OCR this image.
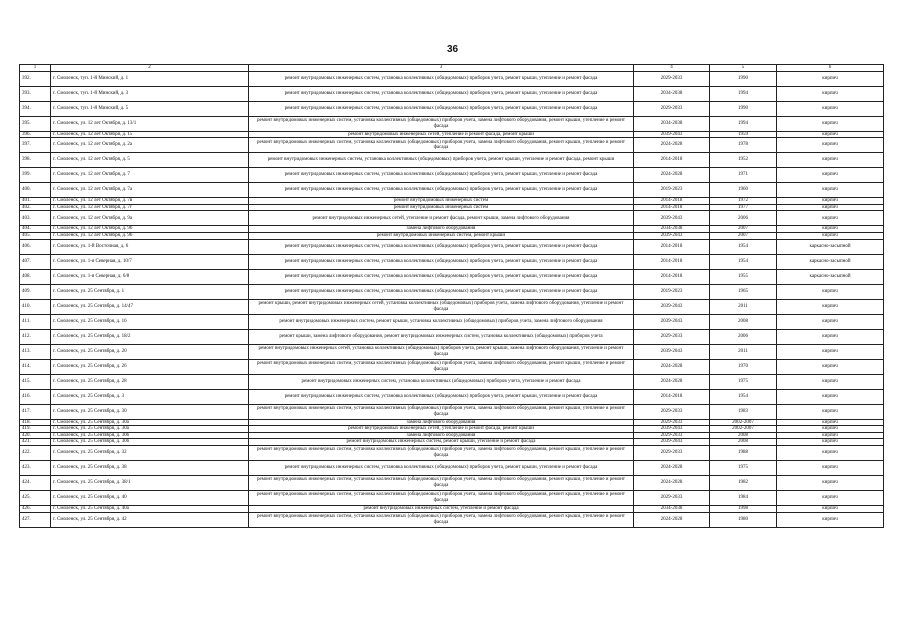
36
1	2	3	4	5	6
392.	г. Смоленск, туп. 1-й Минский, д. 1	ремонт внутридомовых инженерных систем, установка коллективных (общедомовых) приборов учета, ремонт крыши, утепление и ремонт фасада	2029-2033	1990	кирпич
393.	г. Смоленск, туп. 1-й Минский, д. 3	ремонт внутридомовых инженерных систем, установка коллективных (общедомовых) приборов учета, ремонт крыши, утепление и ремонт фасада	2034-2038	1994	кирпич
394.	г. Смоленск, туп. 1-й Минский, д. 5	ремонт внутридомовых инженерных систем, установка коллективных (общедомовых) приборов учета, ремонт крыши, утепление и ремонт фасада	2029-2033	1990	кирпич
395.	г. Смоленск, ул. 12 лет Октября, д. 13/1	ремонт внутридомовых инженерных систем, установка коллективных (общедомовых) приборов учета, замена лифтового оборудования, ремонт крыши, утепление и ремонт фасада	2034-2038	1994	кирпич
396.	г. Смоленск, ул. 12 лет Октября, д. 15	ремонт внутридомовых инженерных сетей, утепление и ремонт фасада, ремонт крыши	2039-2043	1959	кирпич
397.	г. Смоленск, ул. 12 лет Октября, д. 2а	ремонт внутридомовых инженерных систем, установка коллективных (общедомовых) приборов учета, замена лифтового оборудования, ремонт крыши, утепление и ремонт фасада	2024-2028	1978	кирпич
398.	г. Смоленск, ул. 12 лет Октября, д. 5	ремонт внутридомовых инженерных систем, установка коллективных (общедомовых) приборов учета, ремонт крыши, утепление и ремонт фасада, ремонт крыши	2014-2018	1952	кирпич
399.	г. Смоленск, ул. 12 лет Октября, д. 7	ремонт внутридомовых инженерных систем, установка коллективных (общедомовых) приборов учета, ремонт крыши, утепление и ремонт фасада	2024-2028	1971	кирпич
400.	г. Смоленск, ул. 12 лет Октября, д. 7а	ремонт внутридомовых инженерных систем, установка коллективных (общедомовых) приборов учета, ремонт крыши, утепление и ремонт фасада	2019-2023	1960	кирпич
401.	г. Смоленск, ул. 12 лет Октября, д. 7в	ремонт внутридомовых инженерных систем	2014-2018	1972	кирпич
402.	г. Смоленск, ул. 12 лет Октября, д. 7г	ремонт внутридомовых инженерных систем	2014-2018	1977	кирпич
403.	г. Смоленск, ул. 12 лет Октября, д. 9а	ремонт внутридомовых инженерных сетей, утепление и ремонт фасада, ремонт крыши, замена лифтового оборудования	2039-2043	2006	кирпич
404.	г. Смоленск, ул. 12 лет Октября, д. 9б	замена лифтового оборудования	2034-2038	2007	кирпич
405.	г. Смоленск, ул. 12 лет Октября, д. 9б	ремонт внутридомовых инженерных систем, ремонт крыши	2039-2043	2007	кирпич
406.	г. Смоленск, ул. 1-й Восточная, д. 6	ремонт внутридомовых инженерных систем, установка коллективных (общедомовых) приборов учета, ремонт крыши, утепление и ремонт фасада	2014-2018	1954	каркасно-засыпной
407.	г. Смоленск, ул. 1-я Северная, д. 10/7	ремонт внутридомовых инженерных систем, установка коллективных (общедомовых) приборов учета, ремонт крыши, утепление и ремонт фасада	2014-2018	1954	каркасно-засыпной
408.	г. Смоленск, ул. 1-я Северная, д. 6/8	ремонт внутридомовых инженерных систем, установка коллективных (общедомовых) приборов учета, ремонт крыши, утепление и ремонт фасада	2014-2018	1955	каркасно-засыпной
409.	г. Смоленск, ул. 25 Сентября, д. 1	ремонт внутридомовых инженерных систем, установка коллективных (общедомовых) приборов учета, ремонт крыши, утепление и ремонт фасада	2019-2023	1965	кирпич
410.	г. Смоленск, ул. 25 Сентября, д. 14/47	ремонт крыши, ремонт внутридомовых инженерных сетей, установка коллективных (общедомовых) приборов учета, замена лифтового оборудования, утепление и ремонт фасада	2039-2043	2011	кирпич
411.	г. Смоленск, ул. 25 Сентября, д. 16	ремонт внутридомовых инженерных систем, ремонт крыши, установка коллективных (общедомовых) приборов учета, замена лифтового оборудования	2039-2043	2008	кирпич
412.	г. Смоленск, ул. 25 Сентября, д. 18/2	ремонт крыши, замена лифтового оборудования, ремонт внутридомовых инженерных систем, установка коллективных (общедомовых) приборов учета	2029-2033	2006	кирпич
413.	г. Смоленск, ул. 25 Сентября, д. 20	ремонт внутридомовых инженерных сетей, установка коллективных (общедомовых) приборов учета, ремонт крыши, замена лифтового оборудования, утепление и ремонт фасада	2039-2043	2011	кирпич
414.	г. Смоленск, ул. 25 Сентября, д. 26	ремонт внутридомовых инженерных систем, установка коллективных (общедомовых) приборов учета, замена лифтового оборудования, ремонт крыши, утепление и ремонт фасада	2024-2028	1970	кирпич
415.	г. Смоленск, ул. 25 Сентября, д. 28	ремонт внутридомовых инженерных систем, установка коллективных (общедомовых) приборов учета, утепление и ремонт фасада	2024-2028	1975	кирпич
416.	г. Смоленск, ул. 25 Сентября, д. 3	ремонт внутридомовых инженерных систем, установка коллективных (общедомовых) приборов учета, ремонт крыши, утепление и ремонт фасада	2014-2018	1954	кирпич
417.	г. Смоленск, ул. 25 Сентября, д. 30	ремонт внутридомовых инженерных систем, установка коллективных (общедомовых) приборов учета, замена лифтового оборудования, ремонт крыши, утепление и ремонт фасада	2029-2033	1983	кирпич
418.	г. Смоленск, ул. 25 Сентября, д. 30а	замена лифтового оборудования	2029-2033	2002-2007	кирпич
419.	г. Смоленск, ул. 25 Сентября, д. 30а	ремонт внутридомовых инженерных сетей, утепление и ремонт фасада, ремонт крыши	2039-2043	2002-2007	кирпич
420.	г. Смоленск, ул. 25 Сентября, д. 30б	замена лифтового оборудования	2029-2033	2008	кирпич
421.	г. Смоленск, ул. 25 Сентября, д. 30б	ремонт внутридомовых инженерных систем, ремонт крыши, утепление и ремонт фасада	2039-2043	2008	кирпич
422.	г. Смоленск, ул. 25 Сентября, д. 32	ремонт внутридомовых инженерных систем, установка коллективных (общедомовых) приборов учета, замена лифтового оборудования, ремонт крыши, утепление и ремонт фасада	2029-2033	1988	кирпич
423.	г. Смоленск, ул. 25 Сентября, д. 38	ремонт внутридомовых инженерных систем, установка коллективных (общедомовых) приборов учета, ремонт крыши, утепление и ремонт фасада	2024-2028	1975	кирпич
424.	г. Смоленск, ул. 25 Сентября, д. 38/1	ремонт внутридомовых инженерных систем, установка коллективных (общедомовых) приборов учета, замена лифтового оборудования, ремонт крыши, утепление и ремонт фасада	2024-2028	1982	кирпич
425.	г. Смоленск, ул. 25 Сентября, д. 40	ремонт внутридомовых инженерных систем, установка коллективных (общедомовых) приборов учета, замена лифтового оборудования, ремонт крыши, утепление и ремонт фасада	2029-2033	1984	кирпич
426.	г. Смоленск, ул. 25 Сентября, д. 40а	ремонт внутридомовых инженерных систем, утепление и ремонт фасада	2034-2038	1998	кирпич
427.	г. Смоленск, ул. 25 Сентября, д. 42	ремонт внутридомовых инженерных систем, установка коллективных (общедомовых) приборов учета, замена лифтового оборудования, ремонт крыши, утепление и ремонт фасада	2024-2028	1980	кирпич
